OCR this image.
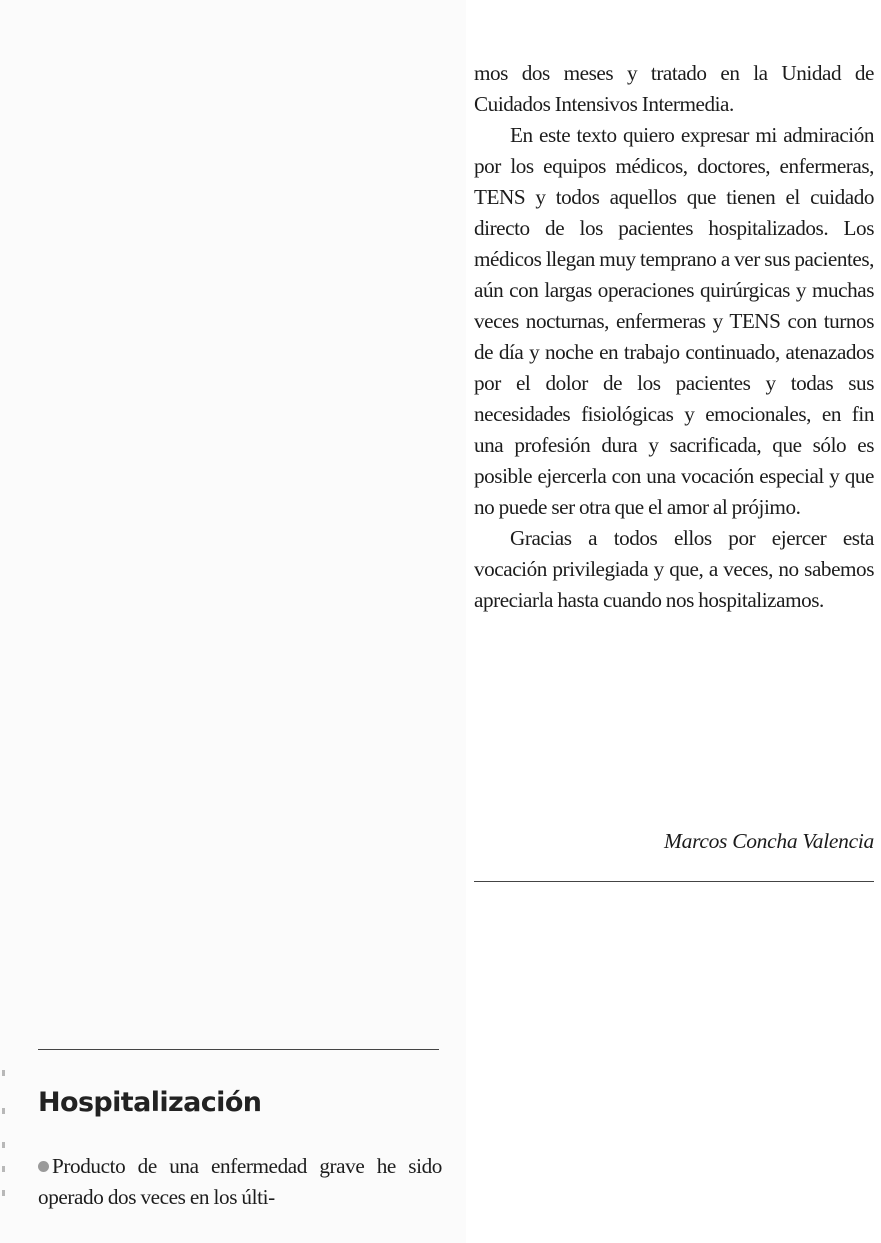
mos dos meses y tratado en la Unidad de Cuidados Intensivos Intermedia.

En este texto quiero expresar mi admiración por los equipos médicos, doctores, enfermeras, TENS y todos aquellos que tienen el cuidado directo de los pacientes hospitalizados. Los médicos llegan muy temprano a ver sus pacientes, aún con largas operaciones quirúrgicas y muchas veces nocturnas, enfermeras y TENS con turnos de día y noche en trabajo continuado, atenazados por el dolor de los pacientes y todas sus necesidades fisiológicas y emocionales, en fin una profesión dura y sacrificada, que sólo es posible ejercerla con una vocación especial y que no puede ser otra que el amor al prójimo.

Gracias a todos ellos por ejercer esta vocación privilegiada y que, a veces, no sabemos apreciarla hasta cuando nos hospitalizamos.

Marcos Concha Valencia
Hospitalización

Producto de una enfermedad grave he sido operado dos veces en los últi-
